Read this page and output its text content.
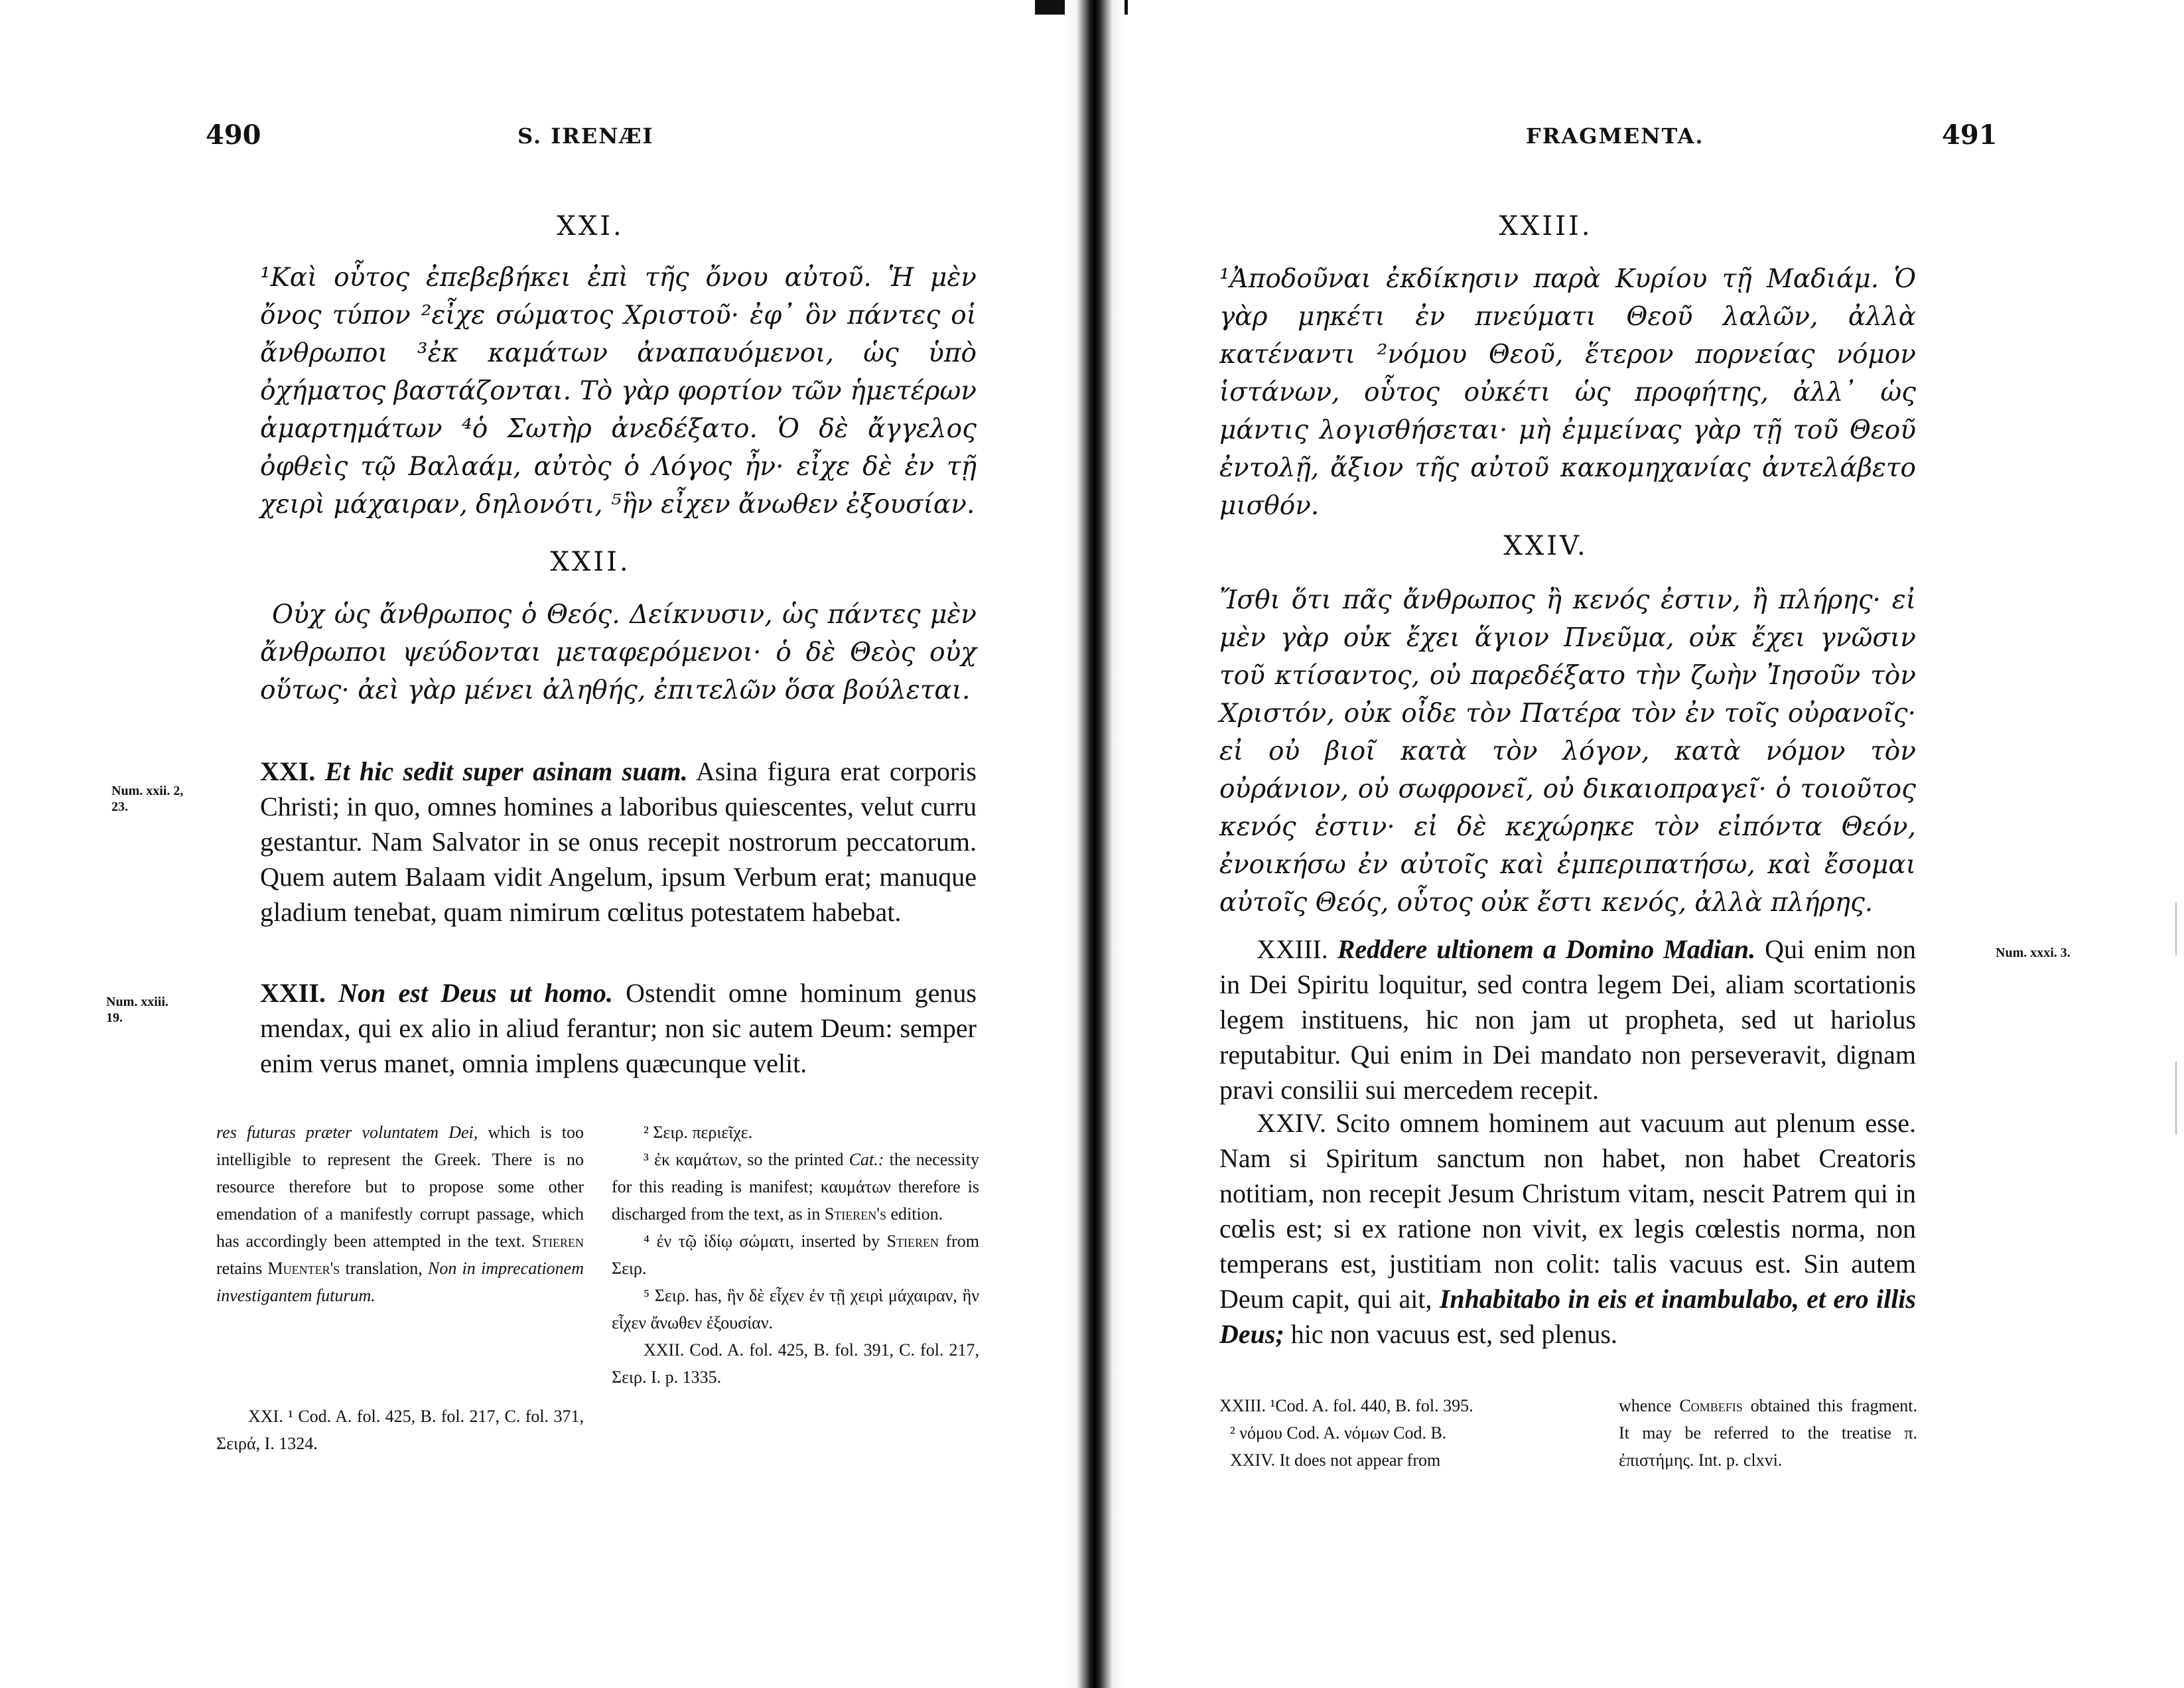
490	S. IRENÆI
XXI.

¹Καὶ οὗτος ἐπεβεβήκει ἐπὶ τῆς ὄνου αὐτοῦ. Ἡ μὲν ὄνος τύπον ²εἶχε σώματος Χριστοῦ· ἐφ᾽ ὃν πάντες οἱ ἄνθρωποι ³ἐκ καμάτων ἀναπαυόμενοι, ὡς ὑπὸ ὀχήματος βαστάζονται. Τὸ γὰρ φορτίον τῶν ἡμετέρων ἁμαρτημάτων ⁴ὁ Σωτὴρ ἀνεδέξατο. Ὁ δὲ ἄγγελος ὀφθεὶς τῷ Βαλαάμ, αὐτὸς ὁ Λόγος ἦν· εἶχε δὲ ἐν τῇ χειρὶ μάχαιραν, δηλονότι, ⁵ἣν εἶχεν ἄνωθεν ἐξουσίαν.

XXII.

Οὐχ ὡς ἄνθρωπος ὁ Θεός. Δείκνυσιν, ὡς πάντες μὲν ἄνθρωποι ψεύδονται μεταφερόμενοι· ὁ δὲ Θεὸς οὐχ οὕτως· ἀεὶ γὰρ μένει ἀληθής, ἐπιτελῶν ὅσα βούλεται.

Num. xxii. 2, 23.

XXI. Et hic sedit super asinam suam. Asina figura erat corporis Christi; in quo, omnes homines a laboribus quiescentes, velut curru gestantur. Nam Salvator in se onus recepit nostrorum peccatorum. Quem autem Balaam vidit Angelum, ipsum Verbum erat; manuque gladium tenebat, quam nimirum cœlitus potestatem habebat.

Num. xxiii. 19.

XXII. Non est Deus ut homo. Ostendit omne hominum genus mendax, qui ex alio in aliud ferantur; non sic autem Deum: semper enim verus manet, omnia implens quæcunque velit.

res futuras præter voluntatem Dei, which is too intelligible to represent the Greek. There is no resource therefore but to propose some other emendation of a manifestly corrupt passage, which has accordingly been attempted in the text. Stieren retains Muenter's translation, Non in imprecationem investigantem futurum.

XXI. ¹ Cod. A. fol. 425, B. fol. 217, C. fol. 371, Σειρά, I. 1324.

² Σειρ. περιεῖχε.

³ ἐκ καμάτων, so the printed Cat.: the necessity for this reading is manifest; καυμάτων therefore is discharged from the text, as in Stieren's edition.

⁴ ἐν τῷ ἰδίῳ σώματι, inserted by Stieren from Σειρ.

⁵ Σειρ. has, ἣν δὲ εἶχεν ἐν τῇ χειρὶ μάχαιραν, ἣν εἶχεν ἄνωθεν ἐξουσίαν.

XXII. Cod. A. fol. 425, B. fol. 391, C. fol. 217, Σειρ. I. p. 1335.

FRAGMENTA.	491
XXIII.

¹Ἀποδοῦναι ἐκδίκησιν παρὰ Κυρίου τῇ Μαδιάμ. Ὁ γὰρ μηκέτι ἐν πνεύματι Θεοῦ λαλῶν, ἀλλὰ κατέναντι ²νόμου Θεοῦ, ἕτερον πορνείας νόμον ἱστάνων, οὗτος οὐκέτι ὡς προφήτης, ἀλλ᾽ ὡς μάντις λογισθήσεται· μὴ ἐμμείνας γὰρ τῇ τοῦ Θεοῦ ἐντολῇ, ἄξιον τῆς αὐτοῦ κακομηχανίας ἀντελάβετο μισθόν.

XXIV.

Ἴσθι ὅτι πᾶς ἄνθρωπος ἢ κενός ἐστιν, ἢ πλήρης· εἰ μὲν γὰρ οὐκ ἔχει ἅγιον Πνεῦμα, οὐκ ἔχει γνῶσιν τοῦ κτίσαντος, οὐ παρεδέξατο τὴν ζωὴν Ἰησοῦν τὸν Χριστόν, οὐκ οἶδε τὸν Πατέρα τὸν ἐν τοῖς οὐρανοῖς· εἰ οὐ βιοῖ κατὰ τὸν λόγον, κατὰ νόμον τὸν οὐράνιον, οὐ σωφρονεῖ, οὐ δικαιοπραγεῖ· ὁ τοιοῦτος κενός ἐστιν· εἰ δὲ κεχώρηκε τὸν εἰπόντα Θεόν, ἐνοικήσω ἐν αὐτοῖς καὶ ἐμπεριπατήσω, καὶ ἔσομαι αὐτοῖς Θεός, οὗτος οὐκ ἔστι κενός, ἀλλὰ πλήρης.

XXIII. Reddere ultionem a Domino Madian. Qui enim non in Dei Spiritu loquitur, sed contra legem Dei, aliam scortationis legem instituens, hic non jam ut propheta, sed ut hariolus reputabitur. Qui enim in Dei mandato non perseveravit, dignam pravi consilii sui mercedem recepit.

Num. xxxi. 3.

XXIV. Scito omnem hominem aut vacuum aut plenum esse. Nam si Spiritum sanctum non habet, non habet Creatoris notitiam, non recepit Jesum Christum vitam, nescit Patrem qui in cœlis est; si ex ratione non vivit, ex legis cœlestis norma, non temperans est, justitiam non colit: talis vacuus est. Sin autem Deum capit, qui ait, Inhabitabo in eis et inambulabo, et ero illis Deus; hic non vacuus est, sed plenus.

XXIII. ¹Cod. A. fol. 440, B. fol. 395.

² νόμου Cod. A. νόμων Cod. B.

XXIV. It does not appear from

whence Combefis obtained this fragment. It may be referred to the treatise π. ἐπιστήμης. Int. p. clxvi.
